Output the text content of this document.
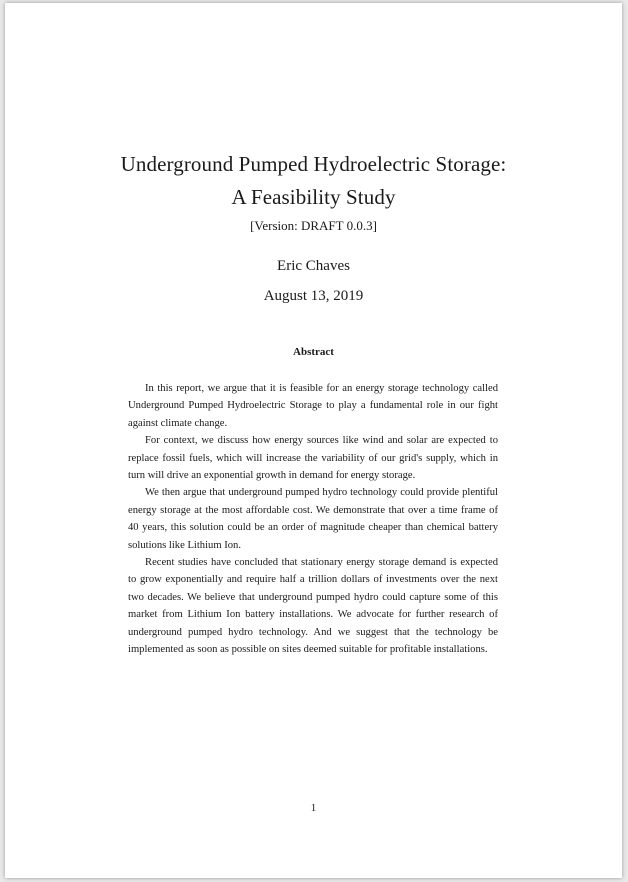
Underground Pumped Hydroelectric Storage:
A Feasibility Study
[Version: DRAFT 0.0.3]
Eric Chaves
August 13, 2019
Abstract

In this report, we argue that it is feasible for an energy storage technology called Underground Pumped Hydroelectric Storage to play a fundamental role in our fight against climate change.

For context, we discuss how energy sources like wind and solar are expected to replace fossil fuels, which will increase the variability of our grid's supply, which in turn will drive an exponential growth in demand for energy storage.

We then argue that underground pumped hydro technology could provide plentiful energy storage at the most affordable cost. We demonstrate that over a time frame of 40 years, this solution could be an order of magnitude cheaper than chemical battery solutions like Lithium Ion.

Recent studies have concluded that stationary energy storage demand is expected to grow exponentially and require half a trillion dollars of investments over the next two decades. We believe that underground pumped hydro could capture some of this market from Lithium Ion battery installations. We advocate for further research of underground pumped hydro technology. And we suggest that the technology be implemented as soon as possible on sites deemed suitable for profitable installations.

1
